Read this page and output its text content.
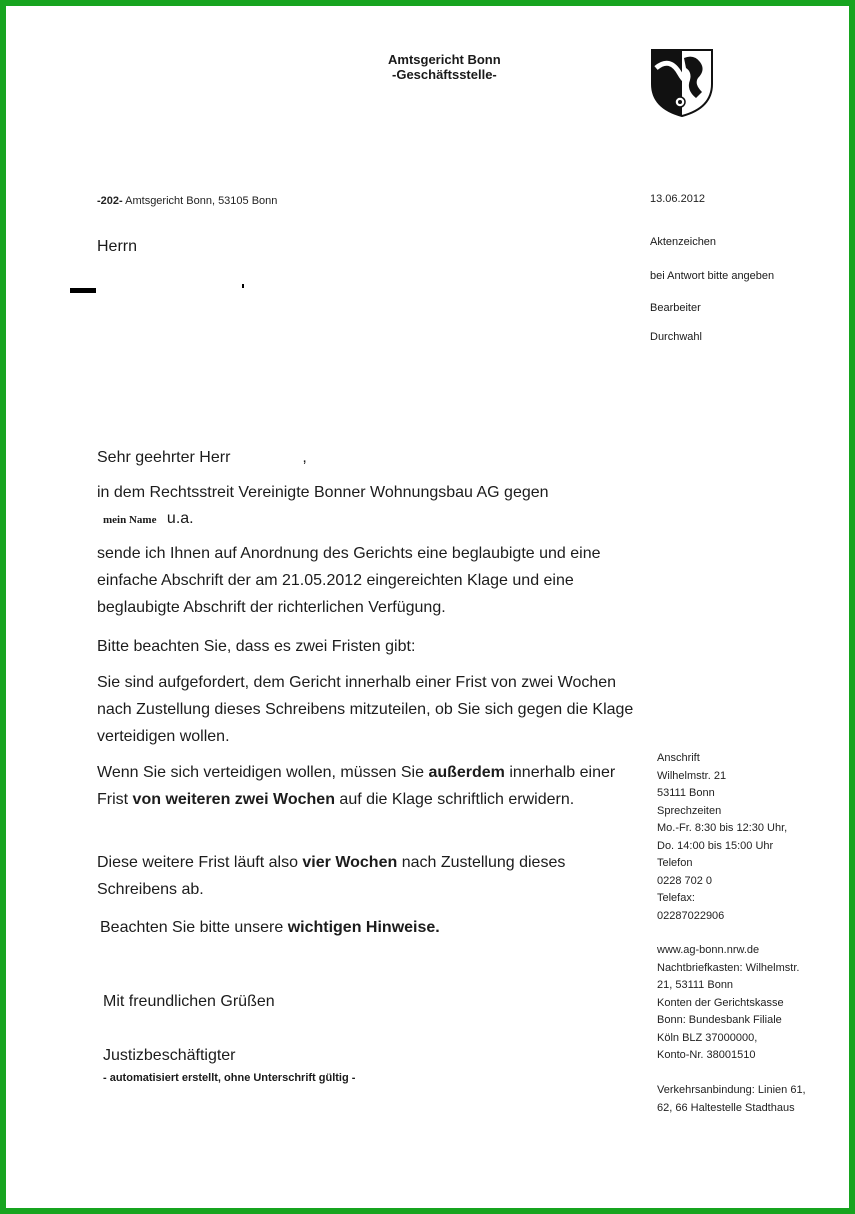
Amtsgericht Bonn
-Geschäftsstelle-
-202- Amtsgericht Bonn, 53105 Bonn	13.06.2012
Herrn	Aktenzeichen
bei Antwort bitte angeben
Bearbeiter
Durchwahl
Sehr geehrter Herr	,
in dem Rechtsstreit Vereinigte Bonner Wohnungsbau AG gegen
mein Name u.a.
sende ich Ihnen auf Anordnung des Gerichts eine beglaubigte und eine einfache Abschrift der am 21.05.2012 eingereichten Klage und eine beglaubigte Abschrift der richterlichen Verfügung.
Bitte beachten Sie, dass es zwei Fristen gibt:
Sie sind aufgefordert, dem Gericht innerhalb einer Frist von zwei Wochen nach Zustellung dieses Schreibens mitzuteilen, ob Sie sich gegen die Klage verteidigen wollen.
Wenn Sie sich verteidigen wollen, müssen Sie außerdem innerhalb einer Frist von weiteren zwei Wochen auf die Klage schriftlich erwidern.
Diese weitere Frist läuft also vier Wochen nach Zustellung dieses Schreibens ab.
Beachten Sie bitte unsere wichtigen Hinweise.
Mit freundlichen Grüßen
Justizbeschäftigter
- automatisiert erstellt, ohne Unterschrift gültig -
Anschrift
Wilhelmstr. 21
53111 Bonn
Sprechzeiten
Mo.-Fr. 8:30 bis 12:30 Uhr,
Do. 14:00 bis 15:00 Uhr
Telefon
0228 702 0
Telefax:
02287022906
www.ag-bonn.nrw.de
Nachtbriefkasten: Wilhelmstr.
21, 53111 Bonn
Konten der Gerichtskasse
Bonn: Bundesbank Filiale
Köln BLZ 37000000,
Konto-Nr. 38001510
Verkehrsanbindung: Linien 61,
62, 66 Haltestelle Stadthaus
